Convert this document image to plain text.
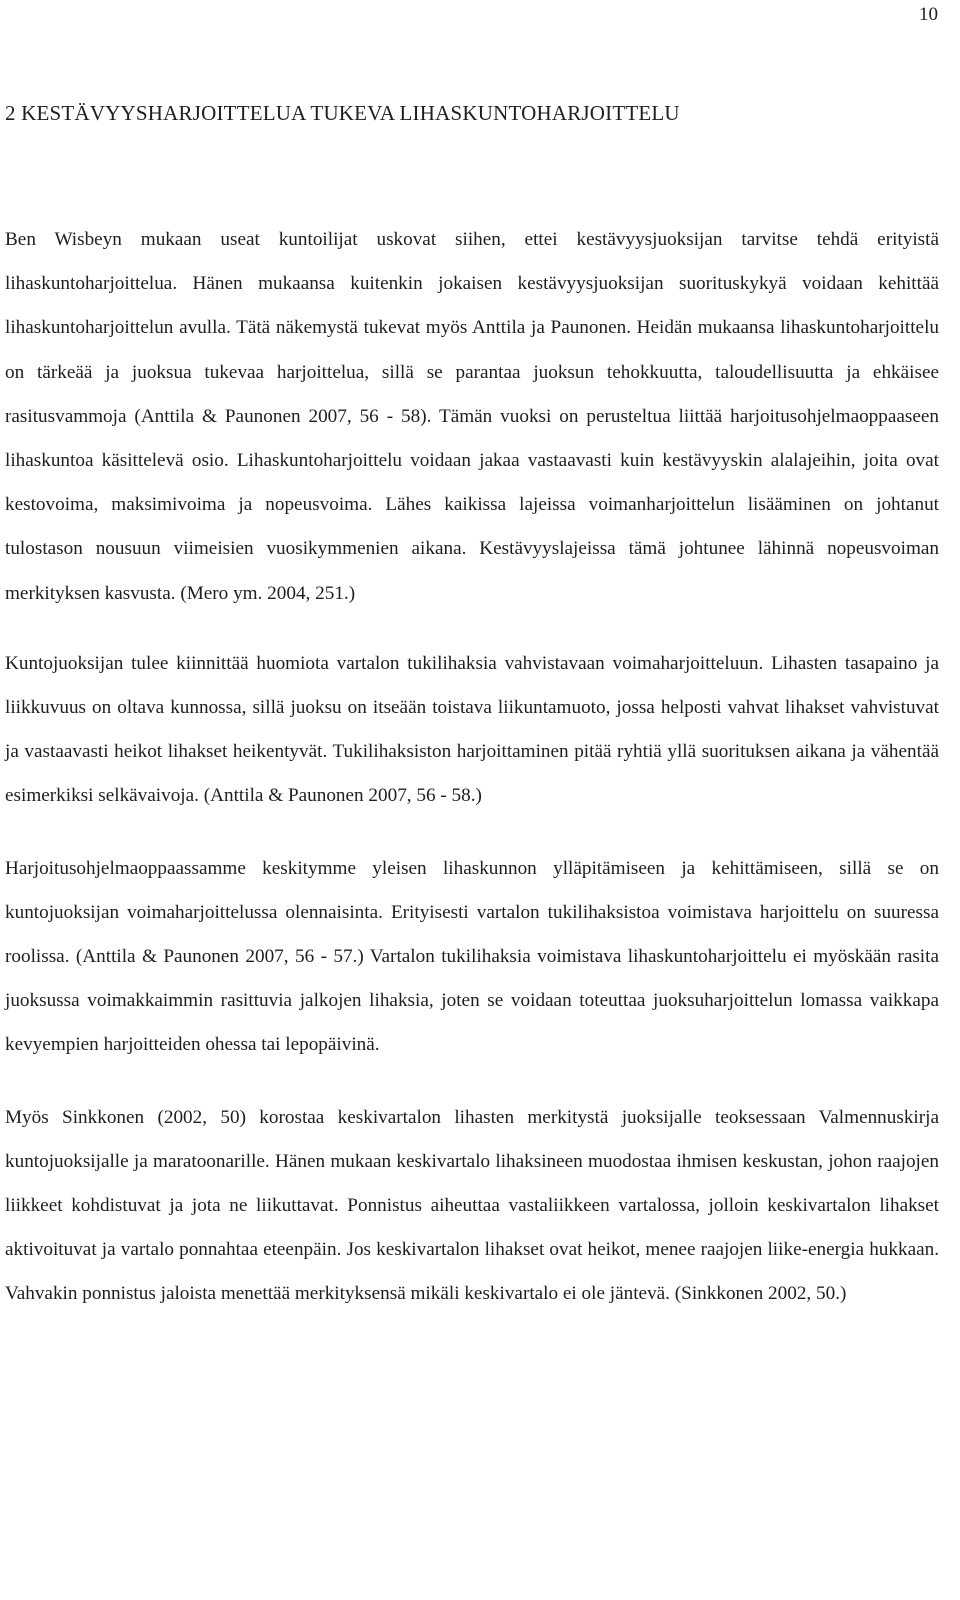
10
2 KESTÄVYYSHARJOITTELUA TUKEVA LIHASKUNTOHARJOITTELU

Ben Wisbeyn mukaan useat kuntoilijat uskovat siihen, ettei kestävyysjuoksijan tarvitse tehdä erityistä lihaskuntoharjoittelua. Hänen mukaansa kuitenkin jokaisen kestävyysjuoksijan suorituskykyä voidaan kehittää lihaskuntoharjoittelun avulla. Tätä näkemystä tukevat myös Anttila ja Paunonen. Heidän mukaansa lihaskuntoharjoittelu on tärkeää ja juoksua tukevaa harjoittelua, sillä se parantaa juoksun tehokkuutta, taloudellisuutta ja ehkäisee rasitusvammoja (Anttila & Paunonen 2007, 56 - 58). Tämän vuoksi on perusteltua liittää harjoitusohjelmaoppaaseen lihaskuntoa käsittelevä osio. Lihaskuntoharjoittelu voidaan jakaa vastaavasti kuin kestävyyskin alalajeihin, joita ovat kestovoima, maksimivoima ja nopeusvoima. Lähes kaikissa lajeissa voimanharjoittelun lisääminen on johtanut tulostason nousuun viimeisien vuosikymmenien aikana. Kestävyyslajeissa tämä johtunee lähinnä nopeusvoiman merkityksen kasvusta. (Mero ym. 2004, 251.)

Kuntojuoksijan tulee kiinnittää huomiota vartalon tukilihaksia vahvistavaan voimaharjoitteluun. Lihasten tasapaino ja liikkuvuus on oltava kunnossa, sillä juoksu on itseään toistava liikuntamuoto, jossa helposti vahvat lihakset vahvistuvat ja vastaavasti heikot lihakset heikentyvät. Tukilihaksiston harjoittaminen pitää ryhtiä yllä suorituksen aikana ja vähentää esimerkiksi selkävaivoja. (Anttila & Paunonen 2007, 56 - 58.)

Harjoitusohjelmaoppaassamme keskitymme yleisen lihaskunnon ylläpitämiseen ja kehittämiseen, sillä se on kuntojuoksijan voimaharjoittelussa olennaisinta. Erityisesti vartalon tukilihaksistoa voimistava harjoittelu on suuressa roolissa. (Anttila & Paunonen 2007, 56 - 57.) Vartalon tukilihaksia voimistava lihaskuntoharjoittelu ei myöskään rasita juoksussa voimakkaimmin rasittuvia jalkojen lihaksia, joten se voidaan toteuttaa juoksuharjoittelun lomassa vaikkapa kevyempien harjoitteiden ohessa tai lepopäivinä.

Myös Sinkkonen (2002, 50) korostaa keskivartalon lihasten merkitystä juoksijalle teoksessaan Valmennuskirja kuntojuoksijalle ja maratoonarille. Hänen mukaan keskivartalo lihaksineen muodostaa ihmisen keskustan, johon raajojen liikkeet kohdistuvat ja jota ne liikuttavat. Ponnistus aiheuttaa vastaliikkeen vartalossa, jolloin keskivartalon lihakset aktivoituvat ja vartalo ponnahtaa eteenpäin. Jos keskivartalon lihakset ovat heikot, menee raajojen liike-energia hukkaan. Vahvakin ponnistus jaloista menettää merkityksensä mikäli keskivartalo ei ole jäntevä. (Sinkkonen 2002, 50.)
